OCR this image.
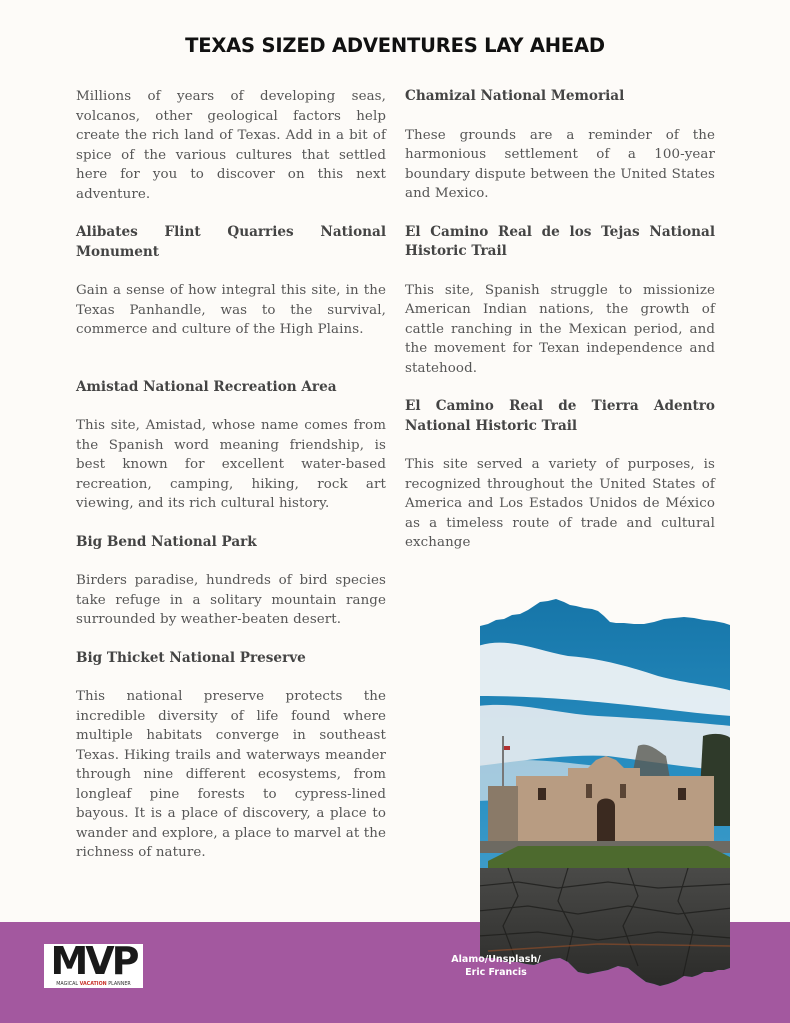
TEXAS SIZED ADVENTURES LAY AHEAD

Millions of years of developing seas, volcanos, other geological factors help create the rich land of Texas. Add in a bit of spice of the various cultures that settled here for you to discover on this next adventure.

Alibates Flint Quarries National Monument

Gain a sense of how integral this site, in the Texas Panhandle, was to the survival, commerce and culture of the High Plains.

Amistad National Recreation Area

This site, Amistad, whose name comes from the Spanish word meaning friendship, is best known for excellent water-based recreation, camping, hiking, rock art viewing, and its rich cultural history.

Big Bend National Park

Birders paradise, hundreds of bird species take refuge in a solitary mountain range surrounded by weather-beaten desert.

Big Thicket National Preserve

This national preserve protects the incredible diversity of life found where multiple habitats converge in southeast Texas. Hiking trails and waterways meander through nine different ecosystems, from longleaf pine forests to cypress-lined bayous. It is a place of discovery, a place to wander and explore, a place to marvel at the richness of nature.

Chamizal National Memorial

These grounds are a reminder of the harmonious settlement of a 100-year boundary dispute between the United States and Mexico.

El Camino Real de los Tejas National Historic Trail

This site, Spanish struggle to missionize American Indian nations, the growth of cattle ranching in the Mexican period, and the movement for Texan independence and statehood.

El Camino Real de Tierra Adentro National Historic Trail

This site served a variety of purposes, is recognized throughout the United States of America and Los Estados Unidos de México as a timeless route of trade and cultural exchange

MVP
MAGICAL VACATION PLANNER
Alamo/Unsplash/
Eric Francis
